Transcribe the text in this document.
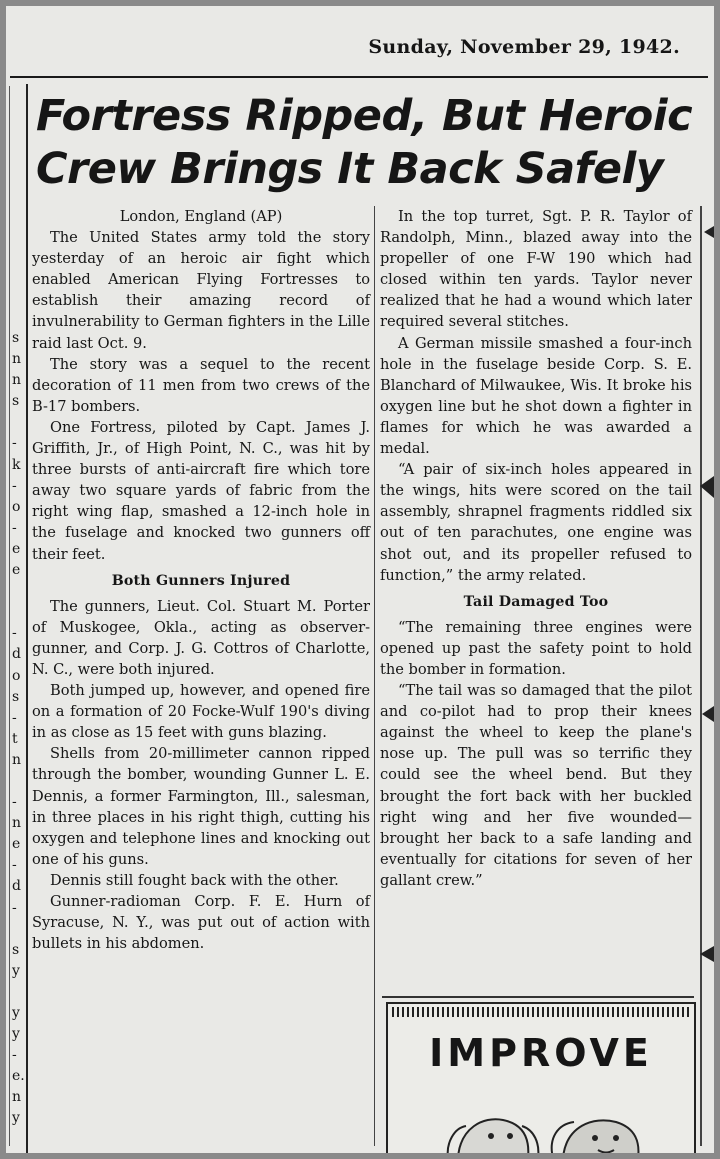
Sunday, November 29, 1942.
Fortress Ripped, But Heroic
Crew Brings It Back Safely
s
n
n
s
-
k
-
o
-
e
e
-
d
o
s
-
t
n
-
n
e
-
d
-
s
y
y
y
-
e.
n
y

London, England (AP)

The United States army told the story yesterday of an heroic air fight which enabled American Flying Fortresses to establish their amazing record of invulnerability to German fighters in the Lille raid last Oct. 9.

The story was a sequel to the recent decoration of 11 men from two crews of the B-17 bombers.

One Fortress, piloted by Capt. James J. Griffith, Jr., of High Point, N. C., was hit by three bursts of anti-aircraft fire which tore away two square yards of fabric from the right wing flap, smashed a 12-inch hole in the fuselage and knocked two gunners off their feet.

Both Gunners Injured

The gunners, Lieut. Col. Stuart M. Porter of Muskogee, Okla., acting as observer-gunner, and Corp. J. G. Cottros of Charlotte, N. C., were both injured.

Both jumped up, however, and opened fire on a formation of 20 Focke-Wulf 190's diving in as close as 15 feet with guns blazing.

Shells from 20-millimeter cannon ripped through the bomber, wounding Gunner L. E. Dennis, a former Farmington, Ill., salesman, in three places in his right thigh, cutting his oxygen and telephone lines and knocking out one of his guns.

Dennis still fought back with the other.

Gunner-radioman Corp. F. E. Hurn of Syracuse, N. Y., was put out of action with bullets in his abdomen.

In the top turret, Sgt. P. R. Taylor of Randolph, Minn., blazed away into the propeller of one F-W 190 which had closed within ten yards. Taylor never realized that he had a wound which later required several stitches.

A German missile smashed a four-inch hole in the fuselage beside Corp. S. E. Blanchard of Milwaukee, Wis. It broke his oxygen line but he shot down a fighter in flames for which he was awarded a medal.

“A pair of six-inch holes appeared in the wings, hits were scored on the tail assembly, shrapnel fragments riddled six out of ten parachutes, one engine was shot out, and its propeller refused to function,” the army related.

Tail Damaged Too

“The remaining three engines were opened up past the safety point to hold the bomber in formation.

“The tail was so damaged that the pilot and co-pilot had to prop their knees against the wheel to keep the plane's nose up. The pull was so terrific they could see the wheel bend. But they brought the fort back with her buckled right wing and her five wounded—brought her back to a safe landing and eventually for citations for seven of her gallant crew.”

IMPROVE
